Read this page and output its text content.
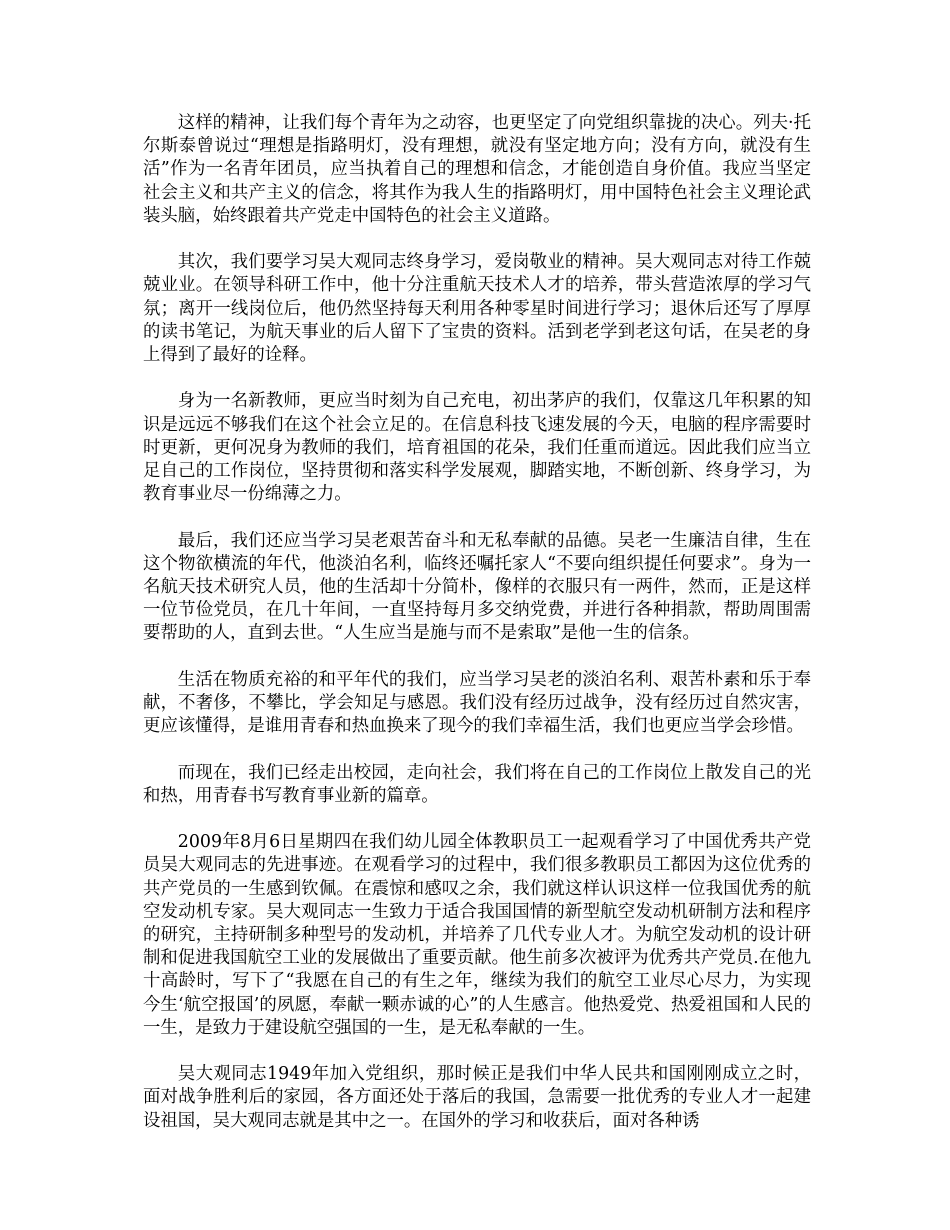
这样的精神，让我们每个青年为之动容，也更坚定了向党组织靠拢的决心。列夫·托尔斯泰曾说过“理想是指路明灯，没有理想，就没有坚定地方向；没有方向，就没有生活”作为一名青年团员，应当执着自己的理想和信念，才能创造自身价值。我应当坚定社会主义和共产主义的信念，将其作为我人生的指路明灯，用中国特色社会主义理论武装头脑，始终跟着共产党走中国特色的社会主义道路。

其次，我们要学习吴大观同志终身学习，爱岗敬业的精神。吴大观同志对待工作兢兢业业。在领导科研工作中，他十分注重航天技术人才的培养，带头营造浓厚的学习气氛；离开一线岗位后，他仍然坚持每天利用各种零星时间进行学习；退休后还写了厚厚的读书笔记，为航天事业的后人留下了宝贵的资料。活到老学到老这句话，在吴老的身上得到了最好的诠释。

身为一名新教师，更应当时刻为自己充电，初出茅庐的我们，仅靠这几年积累的知识是远远不够我们在这个社会立足的。在信息科技飞速发展的今天，电脑的程序需要时时更新，更何况身为教师的我们，培育祖国的花朵，我们任重而道远。因此我们应当立足自己的工作岗位，坚持贯彻和落实科学发展观，脚踏实地，不断创新、终身学习，为教育事业尽一份绵薄之力。

最后，我们还应当学习吴老艰苦奋斗和无私奉献的品德。吴老一生廉洁自律，生在这个物欲横流的年代，他淡泊名利，临终还嘱托家人“不要向组织提任何要求”。身为一名航天技术研究人员，他的生活却十分简朴，像样的衣服只有一两件，然而，正是这样一位节俭党员，在几十年间，一直坚持每月多交纳党费，并进行各种捐款，帮助周围需要帮助的人，直到去世。“人生应当是施与而不是索取”是他一生的信条。

生活在物质充裕的和平年代的我们，应当学习吴老的淡泊名利、艰苦朴素和乐于奉献，不奢侈，不攀比，学会知足与感恩。我们没有经历过战争，没有经历过自然灾害，更应该懂得，是谁用青春和热血换来了现今的我们幸福生活，我们也更应当学会珍惜。

而现在，我们已经走出校园，走向社会，我们将在自己的工作岗位上散发自己的光和热，用青春书写教育事业新的篇章。

2009年8月6日星期四在我们幼儿园全体教职员工一起观看学习了中国优秀共产党员吴大观同志的先进事迹。在观看学习的过程中，我们很多教职员工都因为这位优秀的共产党员的一生感到钦佩。在震惊和感叹之余，我们就这样认识这样一位我国优秀的航空发动机专家。吴大观同志一生致力于适合我国国情的新型航空发动机研制方法和程序的研究，主持研制多种型号的发动机，并培养了几代专业人才。为航空发动机的设计研制和促进我国航空工业的发展做出了重要贡献。他生前多次被评为优秀共产党员.在他九十高龄时，写下了“我愿在自己的有生之年，继续为我们的航空工业尽心尽力，为实现今生‘航空报国’的夙愿，奉献一颗赤诚的心”的人生感言。他热爱党、热爱祖国和人民的一生，是致力于建设航空强国的一生，是无私奉献的一生。

吴大观同志1949年加入党组织，那时候正是我们中华人民共和国刚刚成立之时，面对战争胜利后的家园，各方面还处于落后的我国，急需要一批优秀的专业人才一起建设祖国，吴大观同志就是其中之一。在国外的学习和收获后，面对各种诱
